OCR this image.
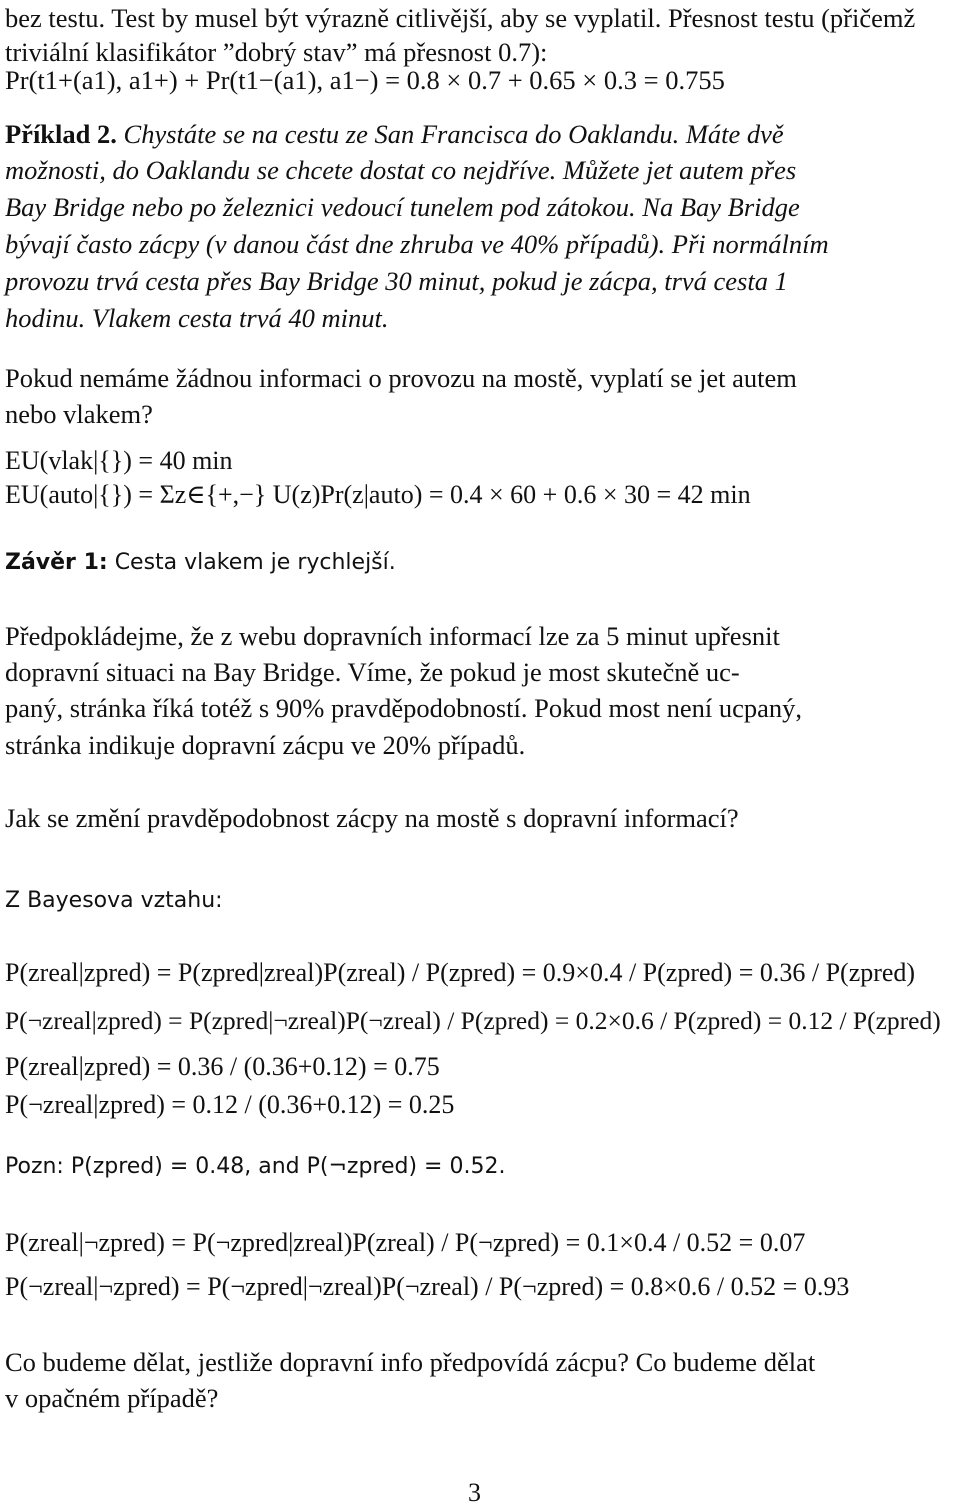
bez testu. Test by musel být výrazně citlivější, aby se vyplatil. Přesnost testu (přičemž
triviální klasifikátor ”dobrý stav” má přesnost 0.7):
Pr(t1+(a1), a1+) + Pr(t1−(a1), a1−) = 0.8 × 0.7 + 0.65 × 0.3 = 0.755
Příklad 2. Chystáte se na cestu ze San Francisca do Oaklandu. Máte dvě
možnosti, do Oaklandu se chcete dostat co nejdříve. Můžete jet autem přes
Bay Bridge nebo po železnici vedoucí tunelem pod zátokou. Na Bay Bridge
bývají často zácpy (v danou část dne zhruba ve 40% případů). Při normálním
provozu trvá cesta přes Bay Bridge 30 minut, pokud je zácpa, trvá cesta 1
hodinu. Vlakem cesta trvá 40 minut.
Pokud nemáme žádnou informaci o provozu na mostě, vyplatí se jet autem
nebo vlakem?
EU(vlak|{}) = 40 min
EU(auto|{}) = Σz∈{+,−} U(z)Pr(z|auto) = 0.4 × 60 + 0.6 × 30 = 42 min
Závěr 1: Cesta vlakem je rychlejší.
Předpokládejme, že z webu dopravních informací lze za 5 minut upřesnit
dopravní situaci na Bay Bridge. Víme, že pokud je most skutečně uc-
paný, stránka říká totéž s 90% pravděpodobností. Pokud most není ucpaný,
stránka indikuje dopravní zácpu ve 20% případů.
Jak se změní pravděpodobnost zácpy na mostě s dopravní informací?
Z Bayesova vztahu:
P(zreal|zpred) = P(zpred|zreal)P(zreal) / P(zpred) = 0.9×0.4 / P(zpred) = 0.36 / P(zpred)
P(¬zreal|zpred) = P(zpred|¬zreal)P(¬zreal) / P(zpred) = 0.2×0.6 / P(zpred) = 0.12 / P(zpred)
P(zreal|zpred) = 0.36 / (0.36+0.12) = 0.75
P(¬zreal|zpred) = 0.12 / (0.36+0.12) = 0.25
Pozn: P(zpred) = 0.48, and P(¬zpred) = 0.52.
P(zreal|¬zpred) = P(¬zpred|zreal)P(zreal) / P(¬zpred) = 0.1×0.4 / 0.52 = 0.07
P(¬zreal|¬zpred) = P(¬zpred|¬zreal)P(¬zreal) / P(¬zpred) = 0.8×0.6 / 0.52 = 0.93
Co budeme dělat, jestliže dopravní info předpovídá zácpu? Co budeme dělat
v opačném případě?
3
